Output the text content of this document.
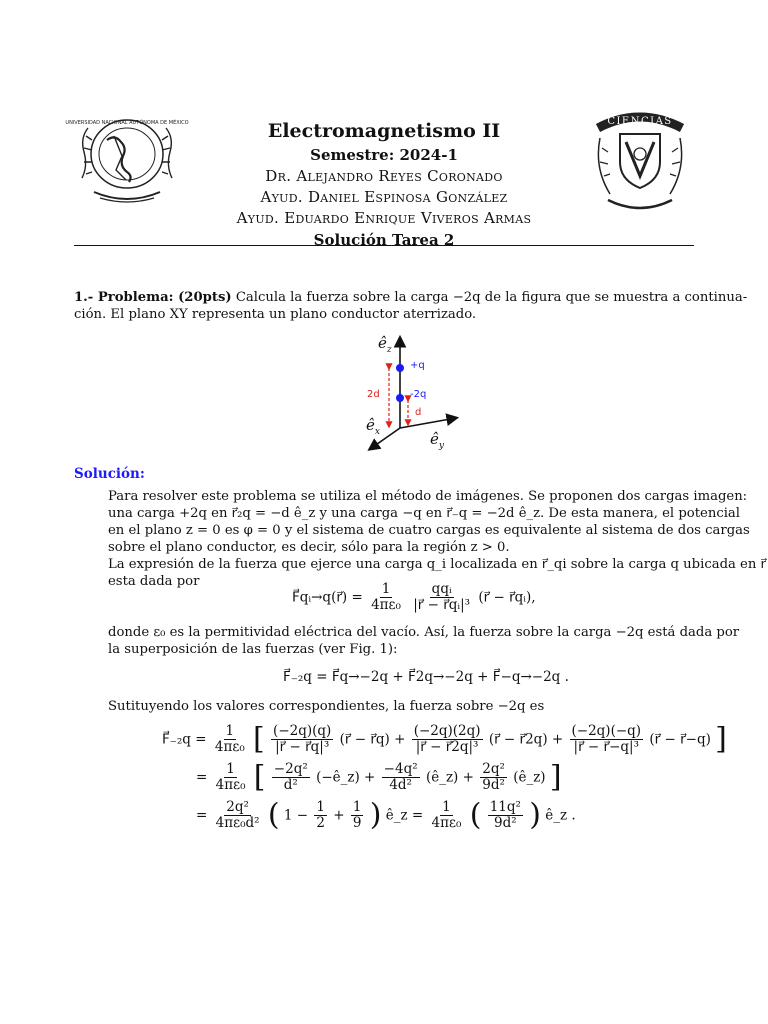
UNIVERSIDAD NACIONAL AUTÓNOMA DE MÉXICO	CIENCIAS
Electromagnetismo II
Semestre: 2024-1
Dr. Alejandro Reyes Coronado
Ayud. Daniel Espinosa González
Ayud. Eduardo Enrique Viveros Armas
Solución Tarea 2
1.- Problema: (20pts) Calcula la fuerza sobre la carga −2q de la figura que se muestra a continua-
ción. El plano XY representa un plano conductor aterrizado.
$ê_z$
$ê_x$	$ê_y$
+q
-2q
2d
d
Solución:
Para resolver este problema se utiliza el método de imágenes. Se proponen dos cargas imagen:
una carga +2q en r⃗₂q = −d ê_z y una carga −q en r⃗₋q = −2d ê_z. De esta manera, el potencial
en el plano z = 0 es φ = 0 y el sistema de cuatro cargas es equivalente al sistema de dos cargas
sobre el plano conductor, es decir, sólo para la región z > 0.
La expresión de la fuerza que ejerce una carga q_i localizada en r⃗_qi sobre la carga q ubicada en r⃗
esta dada por
F⃗qᵢ→q(r⃗) = $\frac{1}{\text{4πε₀}}$
$\frac{\text{qqᵢ}}{\text{|r⃗ − r⃗qᵢ|³}}$ (r⃗ − r⃗qᵢ),
donde ε₀ es la permitividad eléctrica del vacío. Así, la fuerza sobre la carga −2q está dada por
la superposición de las fuerzas (ver Fig. 1):
F⃗₋₂q = F⃗q→−2q + F⃗2q→−2q + F⃗−q→−2q .
Sutituyendo los valores correspondientes, la fuerza sobre −2q es
F⃗₋₂q = $\frac{1}{\text{4πε₀}}$ [ $\frac{(-2q)(q)}{\text{|r⃗ − r⃗q|³}}$ (r⃗ − r⃗q) + $\frac{(-2q)(2q)}{\text{|r⃗ − r⃗2q|³}}$ (r⃗ − r⃗2q) + $\frac{(-2q)(-q)}{\text{|r⃗ − r⃗−q|³}}$ (r⃗ − r⃗−q) ]
= $\frac{1}{\text{4πε₀}}$ [ $\frac{\text{−2q²}}{\text{d²}}$ (−ê_z) + $\frac{\text{−4q²}}{\text{4d²}}$ (ê_z) + $\frac{\text{2q²}}{\text{9d²}}$ (ê_z) ]
= $\frac{\text{2q²}}{\text{4πε₀d²}}$ ( $1 - \frac{1}{2} + \frac{1}{9}$ ) ê_z = $\frac{1}{\text{4πε₀}}$ ( $\frac{\text{11q²}}{\text{9d²}}$ ) ê_z .
